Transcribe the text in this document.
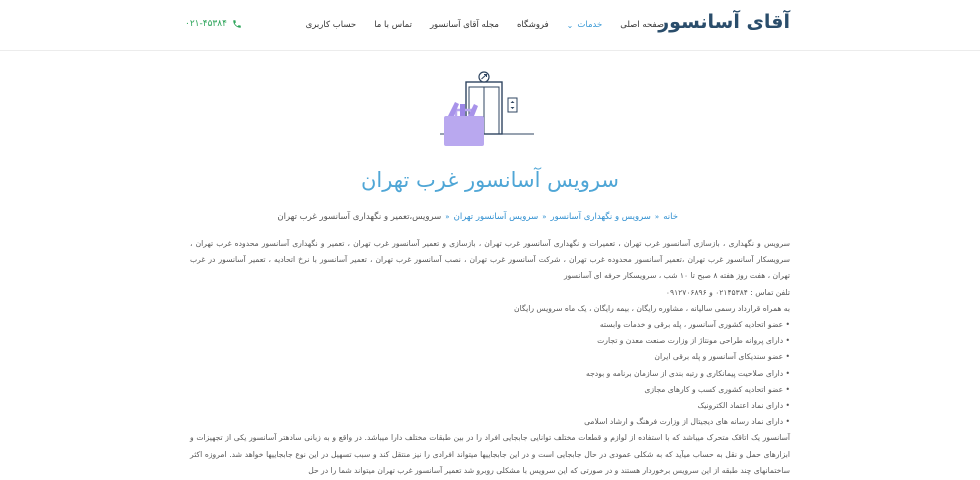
آقای آسانسور
صفحه اصلی
خدمات
⌄
فروشگاه
مجله آقای آسانسور
تماس با ما
حساب کاربری
۰۲۱-۴۵۳۸۴
سرویس آسانسور غرب تهران
خانه
«
سرویس و نگهداری آسانسور
«
سرویس آسانسور تهران
«
سرویس،تعمیر و نگهداری آسانسور غرب تهران

سرویس و نگهداری ، بازسازی آسانسور غرب تهران ، تعمیرات و نگهداری آسانسور غرب تهران ، بازسازی و تعمیر آسانسور غرب تهران ، تعمیر و نگهداری آسانسور محدوده غرب تهران ، سرویسکار آسانسور غرب تهران ،تعمیر آسانسور محدوده غرب تهران ، شرکت آسانسور غرب تهران ، نصب آسانسور غرب تهران ، تعمیر آسانسور با نرخ اتحادیه ، تعمیر آسانسور در غرب تهران ، هفت روز هفته ۸ صبح تا ۱۰ شب ، سرویسکار حرفه ای آسانسور

تلفن تماس : ۰۲۱۴۵۳۸۴ و ۰۹۱۲۷۰۶۸۹۶

به همراه قرارداد رسمی سالیانه ، مشاوره رایگان ، بیمه رایگان ، یک ماه سرویس رایگان

• عضو اتحادیه کشوری آسانسور ، پله برقی و خدمات وابسته

• دارای پروانه طراحی مونتاژ از وزارت صنعت معدن و تجارت

• عضو سندیکای آسانسور و پله برقی ایران

• دارای صلاحیت پیمانکاری و رتبه بندی از سازمان برنامه و بودجه

• عضو اتحادیه کشوری کسب و کارهای مجازی

• دارای نماد اعتماد الکترونیک

• دارای نماد رسانه های دیجیتال از وزارت فرهنگ و ارشاد اسلامی

آسانسور یک اتاقک متحرک میباشد که با استفاده از لوازم و قطعات مختلف توانایی جابجایی افراد را در بین طبقات مختلف دارا میباشد. در واقع و به زبانی سادهتر آسانسور یکی از تجهیزات و ابزارهای حمل و نقل به حساب میآید که به شکلی عمودی در حال جابجایی است و در این جابجاییها میتواند افرادی را نیز منتقل کند و سبب تسهیل در این نوع جابجاییها خواهد شد. امروزه اکثر ساختمانهای چند طبقه از این سرویس برخوردار هستند و در صورتی که این سرویس با مشکلی روبرو شد تعمیر آسانسور غرب تهران میتواند شما را در حل
